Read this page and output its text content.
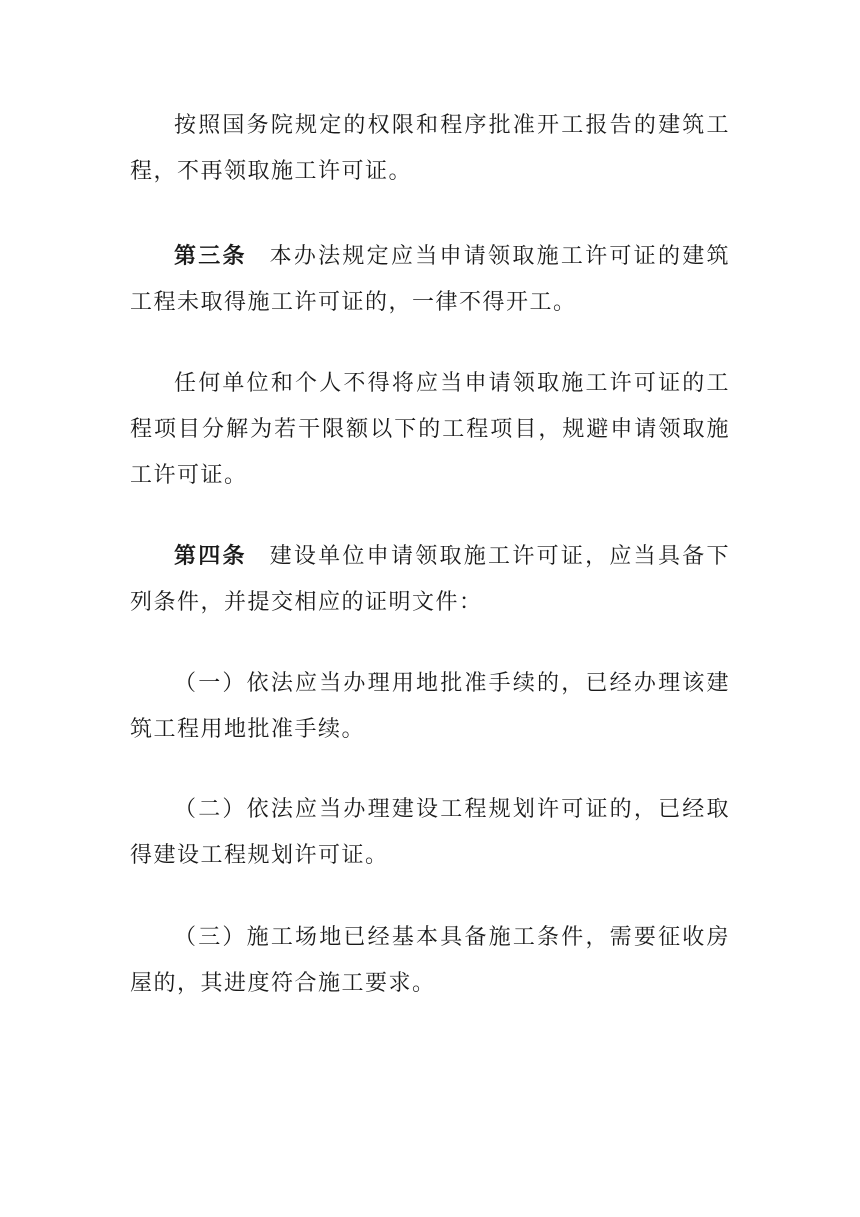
按照国务院规定的权限和程序批准开工报告的建筑工程，不再领取施工许可证。

第三条 本办法规定应当申请领取施工许可证的建筑工程未取得施工许可证的，一律不得开工。

任何单位和个人不得将应当申请领取施工许可证的工程项目分解为若干限额以下的工程项目，规避申请领取施工许可证。

第四条 建设单位申请领取施工许可证，应当具备下列条件，并提交相应的证明文件：

（一）依法应当办理用地批准手续的，已经办理该建筑工程用地批准手续。

（二）依法应当办理建设工程规划许可证的，已经取得建设工程规划许可证。

（三）施工场地已经基本具备施工条件，需要征收房屋的，其进度符合施工要求。
